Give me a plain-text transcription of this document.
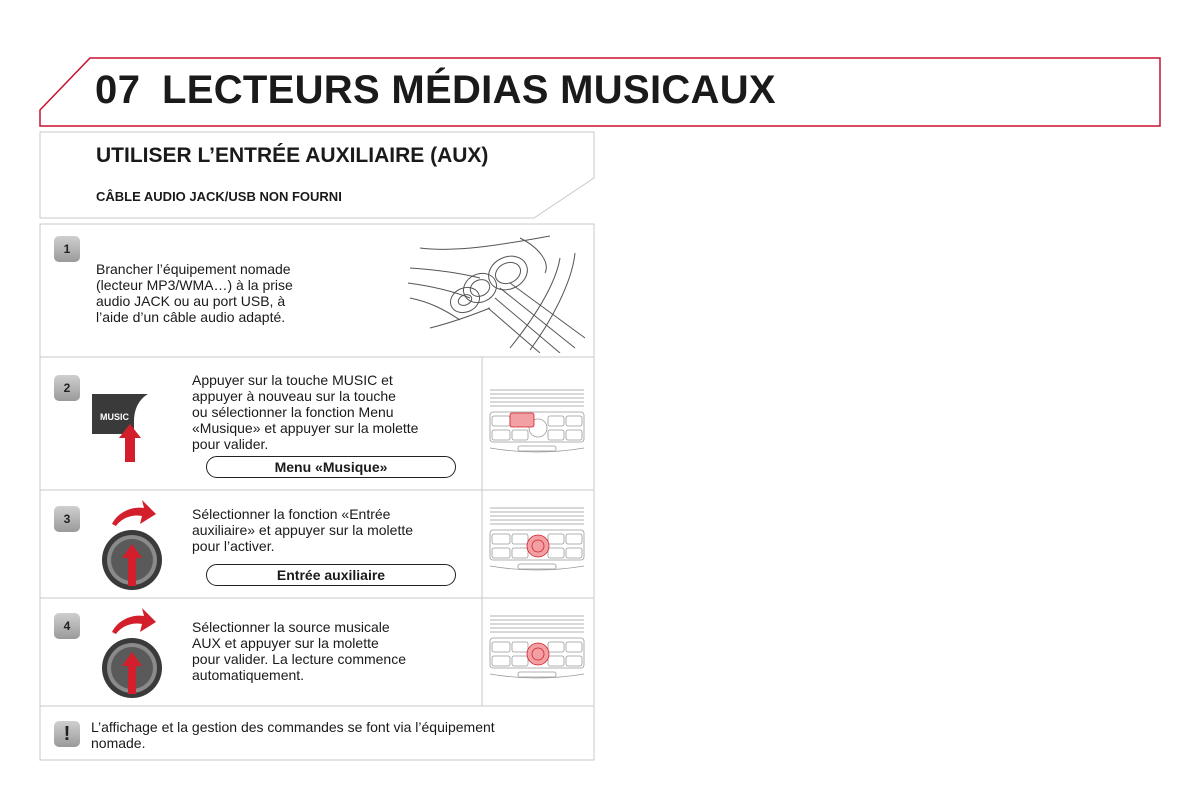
07 LECTEURS MÉDIAS MUSICAUX
UTILISER L’ENTRÉE AUXILIAIRE (AUX)
CÂBLE AUDIO JACK/USB NON FOURNI
1
Brancher l’équipement nomade
(lecteur MP3/WMA…) à la prise
audio JACK ou au port USB, à
l’aide d’un câble audio adapté.
2
MUSIC
Appuyer sur la touche MUSIC et
appuyer à nouveau sur la touche
ou sélectionner la fonction Menu
«Musique» et appuyer sur la molette
pour valider.
Menu «Musique»
3	Sélectionner la fonction «Entrée
auxiliaire» et appuyer sur la molette
pour l’activer.
Entrée auxiliaire
4	Sélectionner la source musicale
AUX et appuyer sur la molette
pour valider. La lecture commence
automatiquement.
!	L’affichage et la gestion des commandes se font via l’équipement
nomade.
